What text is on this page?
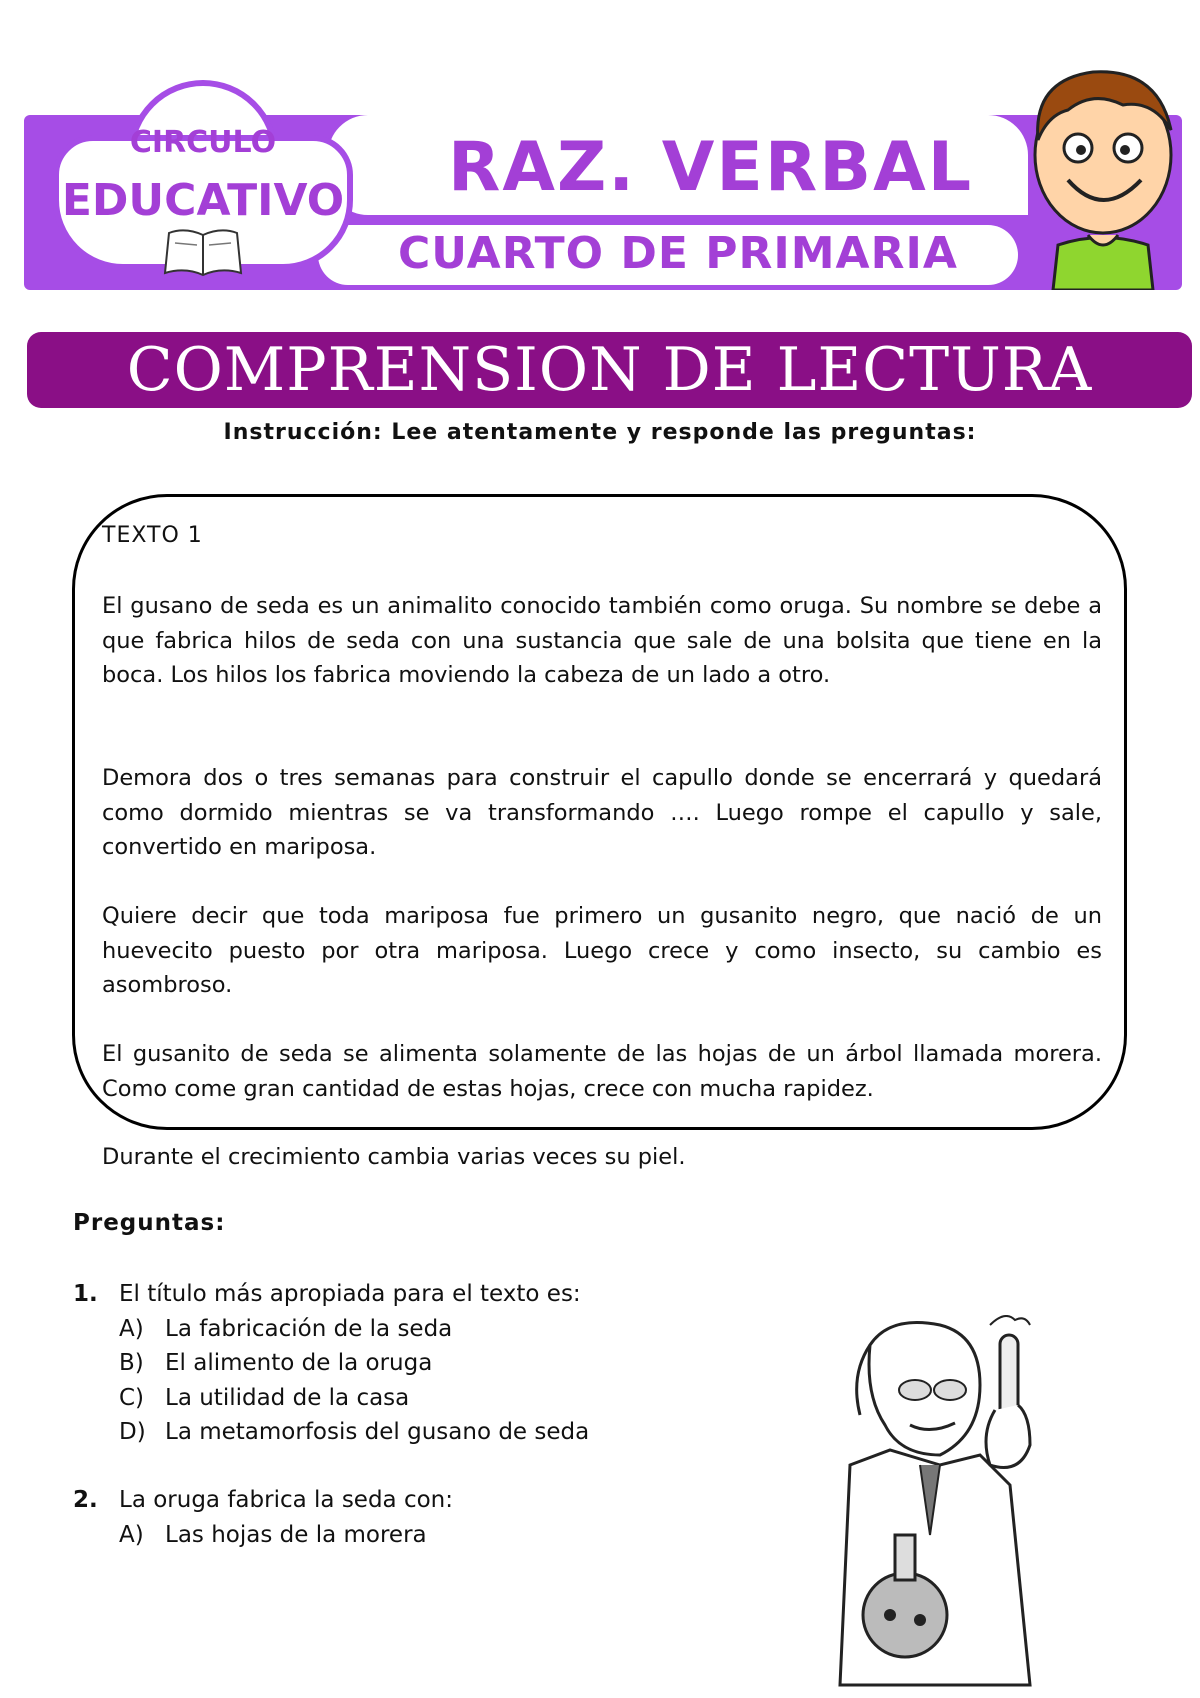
RAZ. VERBAL
CUARTO DE PRIMARIA
CIRCULO
EDUCATIVO
COMPRENSION DE LECTURA
Instrucción: Lee atentamente y responde las preguntas:
TEXTO 1

El gusano de seda es un animalito conocido también como oruga. Su nombre se debe a que fabrica hilos de seda con una sustancia que sale de una bolsita que tiene en la boca. Los hilos los fabrica moviendo la cabeza de un lado a otro.

Demora dos o tres semanas para construir el capullo donde se encerrará y quedará como dormido mientras se va transformando …. Luego rompe el capullo y sale, convertido en mariposa.

Quiere decir que toda mariposa fue primero un gusanito negro, que nació de un huevecito puesto por otra mariposa. Luego crece y como insecto, su cambio es asombroso.

El gusanito de seda se alimenta solamente de las hojas de un árbol llamada morera. Como come gran cantidad de estas hojas, crece con mucha rapidez.

Durante el crecimiento cambia varias veces su piel.

Preguntas:
1. El título más apropiada para el texto es:
A) La fabricación de la seda
B) El alimento de la oruga
C) La utilidad de la casa
D) La metamorfosis del gusano de seda
2. La oruga fabrica la seda con:
A) Las hojas de la morera
